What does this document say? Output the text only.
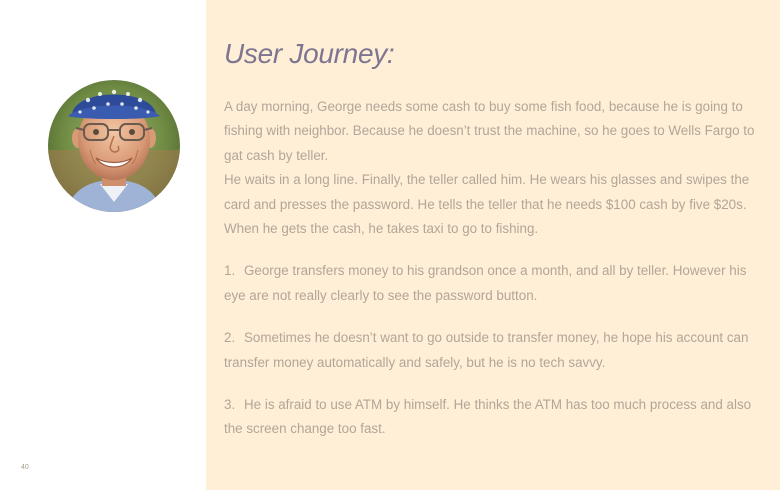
40
User Journey:

A day morning, George needs some cash to buy some fish food, because he is going to fishing with neighbor. Because he doesn’t trust the machine, so he goes to Wells Fargo to gat cash by teller.

He waits in a long line. Finally, the teller called him. He wears his glasses and swipes the card and presses the password. He tells the teller that he needs $100 cash by five $20s. When he gets the cash, he takes taxi to go to fishing.

1. George transfers money to his grandson once a month, and all by teller. However his eye are not really clearly to see the password button.

2. Sometimes he doesn’t want to go outside to transfer money, he hope his account can transfer money automatically and safely, but he is no tech savvy.

3. He is afraid to use ATM by himself. He thinks the ATM has too much process and also the screen change too fast.
